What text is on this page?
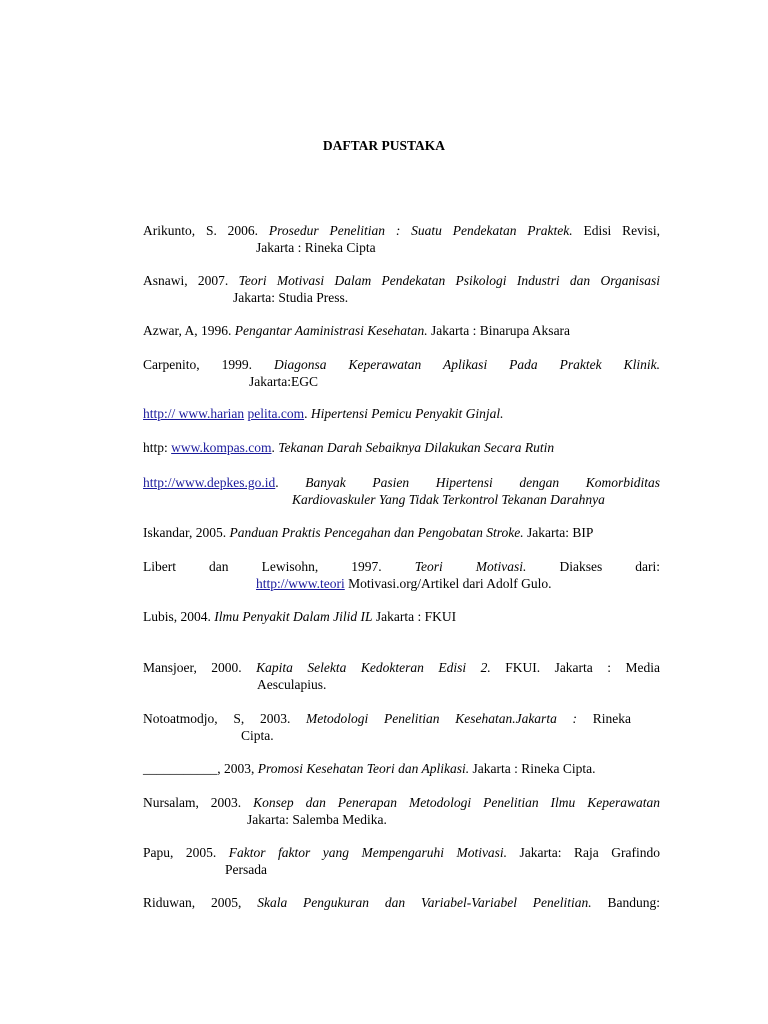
DAFTAR PUSTAKA
Arikunto, S. 2006. Prosedur Penelitian : Suatu Pendekatan Praktek. Edisi Revisi,
Jakarta : Rineka Cipta
Asnawi, 2007. Teori Motivasi Dalam Pendekatan Psikologi Industri dan Organisasi
Jakarta: Studia Press.
Azwar, A, 1996. Pengantar Aaministrasi Kesehatan. Jakarta : Binarupa Aksara
Carpenito, 1999. Diagonsa Keperawatan Aplikasi Pada Praktek Klinik.
Jakarta:EGC
http:// www.harian pelita.com. Hipertensi Pemicu Penyakit Ginjal.
http: www.kompas.com. Tekanan Darah Sebaiknya Dilakukan Secara Rutin
http://www.depkes.go.id. Banyak Pasien Hipertensi dengan Komorbiditas
Kardiovaskuler Yang Tidak Terkontrol Tekanan Darahnya
Iskandar, 2005. Panduan Praktis Pencegahan dan Pengobatan Stroke. Jakarta: BIP
Libert dan Lewisohn, 1997. Teori Motivasi. Diakses dari:
http://www.teori Motivasi.org/Artikel dari Adolf Gulo.
Lubis, 2004. Ilmu Penyakit Dalam Jilid IL Jakarta : FKUI
Mansjoer, 2000. Kapita Selekta Kedokteran Edisi 2. FKUI. Jakarta : Media
Aesculapius.
Notoatmodjo, S, 2003. Metodologi Penelitian Kesehatan.Jakarta : Rineka
Cipta.
___________, 2003, Promosi Kesehatan Teori dan Aplikasi. Jakarta : Rineka Cipta.
Nursalam, 2003. Konsep dan Penerapan Metodologi Penelitian Ilmu Keperawatan
Jakarta: Salemba Medika.
Papu, 2005. Faktor faktor yang Mempengaruhi Motivasi. Jakarta: Raja Grafindo
Persada
Riduwan, 2005, Skala Pengukuran dan Variabel-Variabel Penelitian. Bandung:
